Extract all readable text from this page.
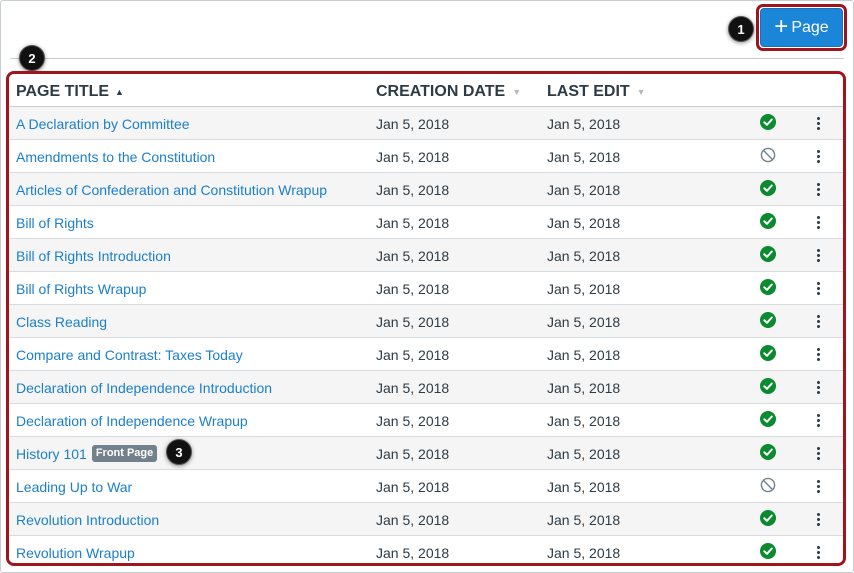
+ Page
1
2
PAGE TITLE ▲	CREATION DATE ▼ LAST EDIT ▼
A Declaration by Committee	Jan 5, 2018	Jan 5, 2018
Amendments to the Constitution	Jan 5, 2018	Jan 5, 2018
Articles of Confederation and Constitution Wrapup	Jan 5, 2018	Jan 5, 2018
Bill of Rights	Jan 5, 2018	Jan 5, 2018
Bill of Rights Introduction	Jan 5, 2018	Jan 5, 2018
Bill of Rights Wrapup	Jan 5, 2018	Jan 5, 2018
Class Reading	Jan 5, 2018	Jan 5, 2018
Compare and Contrast: Taxes Today	Jan 5, 2018	Jan 5, 2018
Declaration of Independence Introduction	Jan 5, 2018	Jan 5, 2018
Declaration of Independence Wrapup	Jan 5, 2018	Jan 5, 2018
History 101 Front Page	Jan 5, 2018	Jan 5, 2018
Leading Up to War	Jan 5, 2018	Jan 5, 2018
Revolution Introduction	Jan 5, 2018	Jan 5, 2018
Revolution Wrapup	Jan 5, 2018	Jan 5, 2018
3
